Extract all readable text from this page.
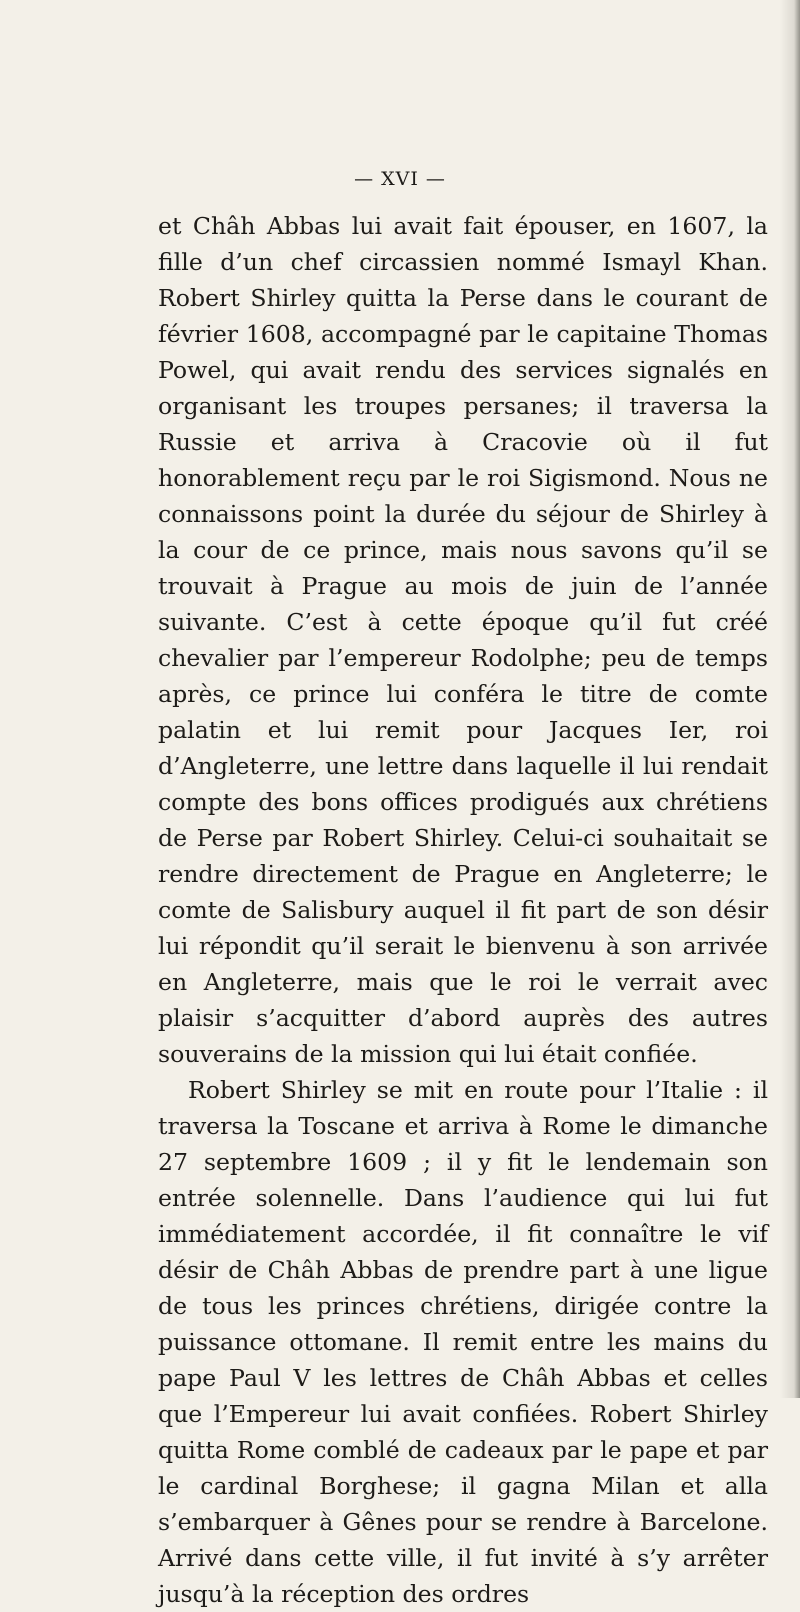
— XVI —

et Châh Abbas lui avait fait épouser, en 1607, la fille d’un chef circassien nommé Ismayl Khan. Robert Shirley quitta la Perse dans le courant de février 1608, accompagné par le capitaine Thomas Powel, qui avait rendu des services signalés en organisant les troupes persanes; il traversa la Russie et arriva à Cracovie où il fut honorablement reçu par le roi Sigismond. Nous ne connaissons point la durée du séjour de Shirley à la cour de ce prince, mais nous savons qu’il se trouvait à Prague au mois de juin de l’année suivante. C’est à cette époque qu’il fut créé chevalier par l’empereur Rodolphe; peu de temps après, ce prince lui conféra le titre de comte palatin et lui remit pour Jacques Ier, roi d’Angleterre, une lettre dans laquelle il lui rendait compte des bons offices prodigués aux chrétiens de Perse par Robert Shirley. Celui-ci souhaitait se rendre directement de Prague en Angleterre; le comte de Salisbury auquel il fit part de son désir lui répondit qu’il serait le bienvenu à son arrivée en Angleterre, mais que le roi le verrait avec plaisir s’acquitter d’abord auprès des autres souverains de la mission qui lui était confiée.

Robert Shirley se mit en route pour l’Italie : il traversa la Toscane et arriva à Rome le dimanche 27 septembre 1609 ; il y fit le lendemain son entrée solennelle. Dans l’audience qui lui fut immédiatement accordée, il fit connaître le vif désir de Châh Abbas de prendre part à une ligue de tous les princes chrétiens, dirigée contre la puissance ottomane. Il remit entre les mains du pape Paul V les lettres de Châh Abbas et celles que l’Empereur lui avait confiées. Robert Shirley quitta Rome comblé de cadeaux par le pape et par le cardinal Borghese; il gagna Milan et alla s’embarquer à Gênes pour se rendre à Barcelone. Arrivé dans cette ville, il fut invité à s’y arrêter jusqu’à la réception des ordres
